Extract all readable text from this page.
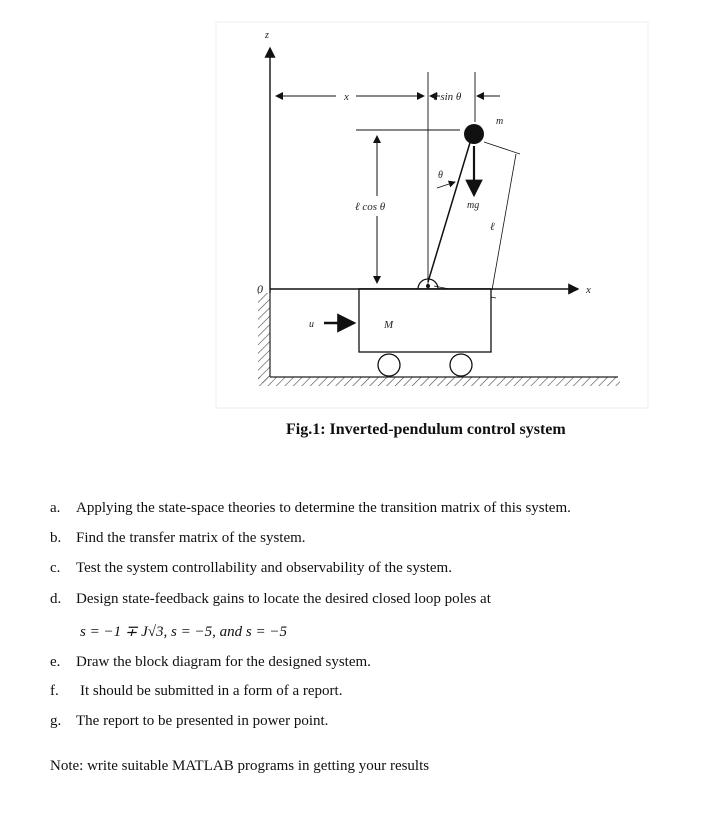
z
x
0
x	ℓ sin θ
ℓ cos θ
m
mg
θ
ℓ
M
u
Fig.1: Inverted-pendulum control system
a. Applying the state-space theories to determine the transition matrix of this system.
b. Find the transfer matrix of the system.
c. Test the system controllability and observability of the system.
d. Design state-feedback gains to locate the desired closed loop poles at
s = −1 ∓ J√3, s = −5, and s = −5
e. Draw the block diagram for the designed system.
f. It should be submitted in a form of a report.
g. The report to be presented in power point.
Note: write suitable MATLAB programs in getting your results
